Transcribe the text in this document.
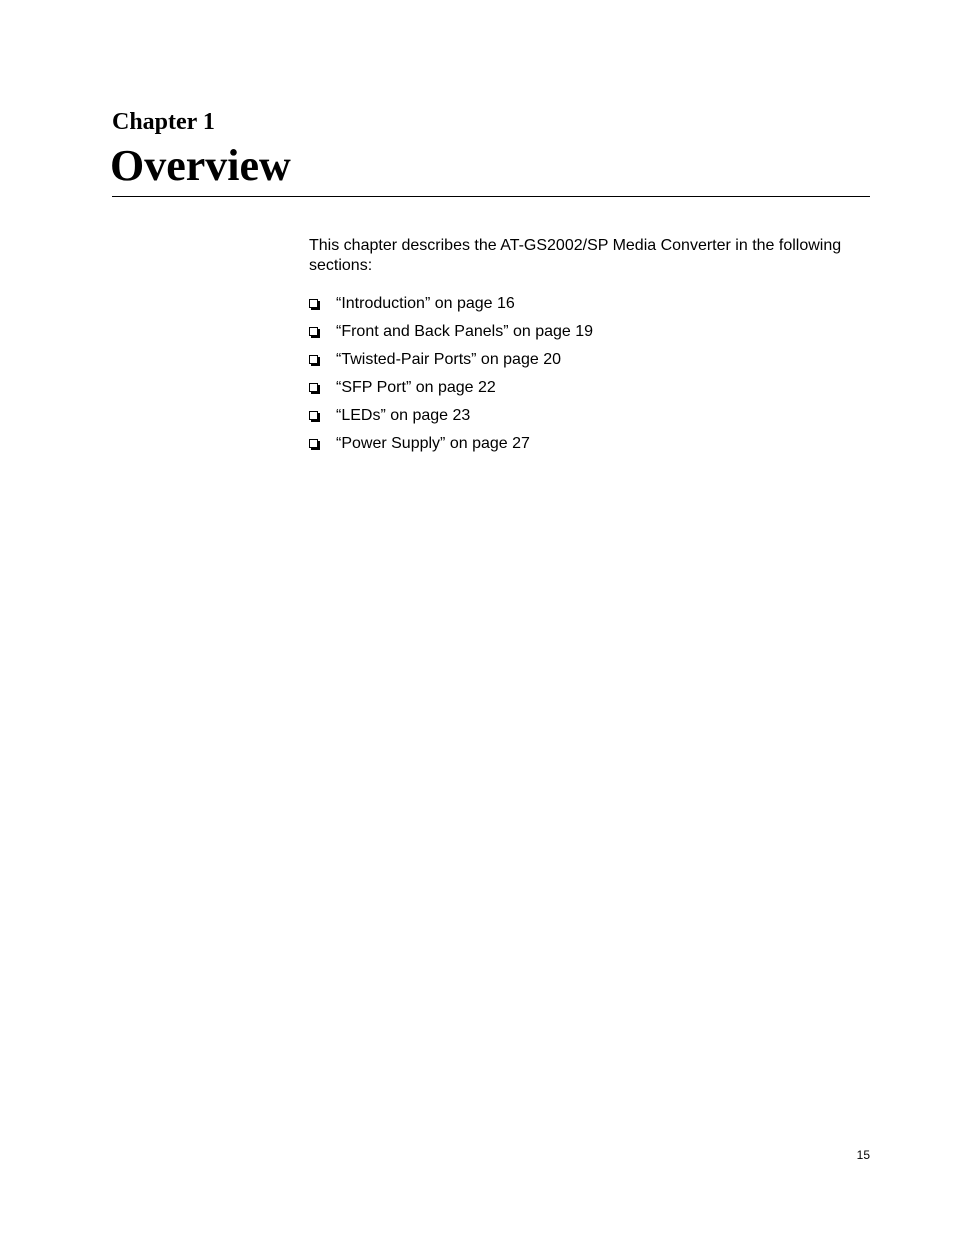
Chapter 1
Overview

This chapter describes the AT-GS2002/SP Media Converter in the following sections:

“Introduction” on page 16
“Front and Back Panels” on page 19
“Twisted-Pair Ports” on page 20
“SFP Port” on page 22
“LEDs” on page 23
“Power Supply” on page 27
15
